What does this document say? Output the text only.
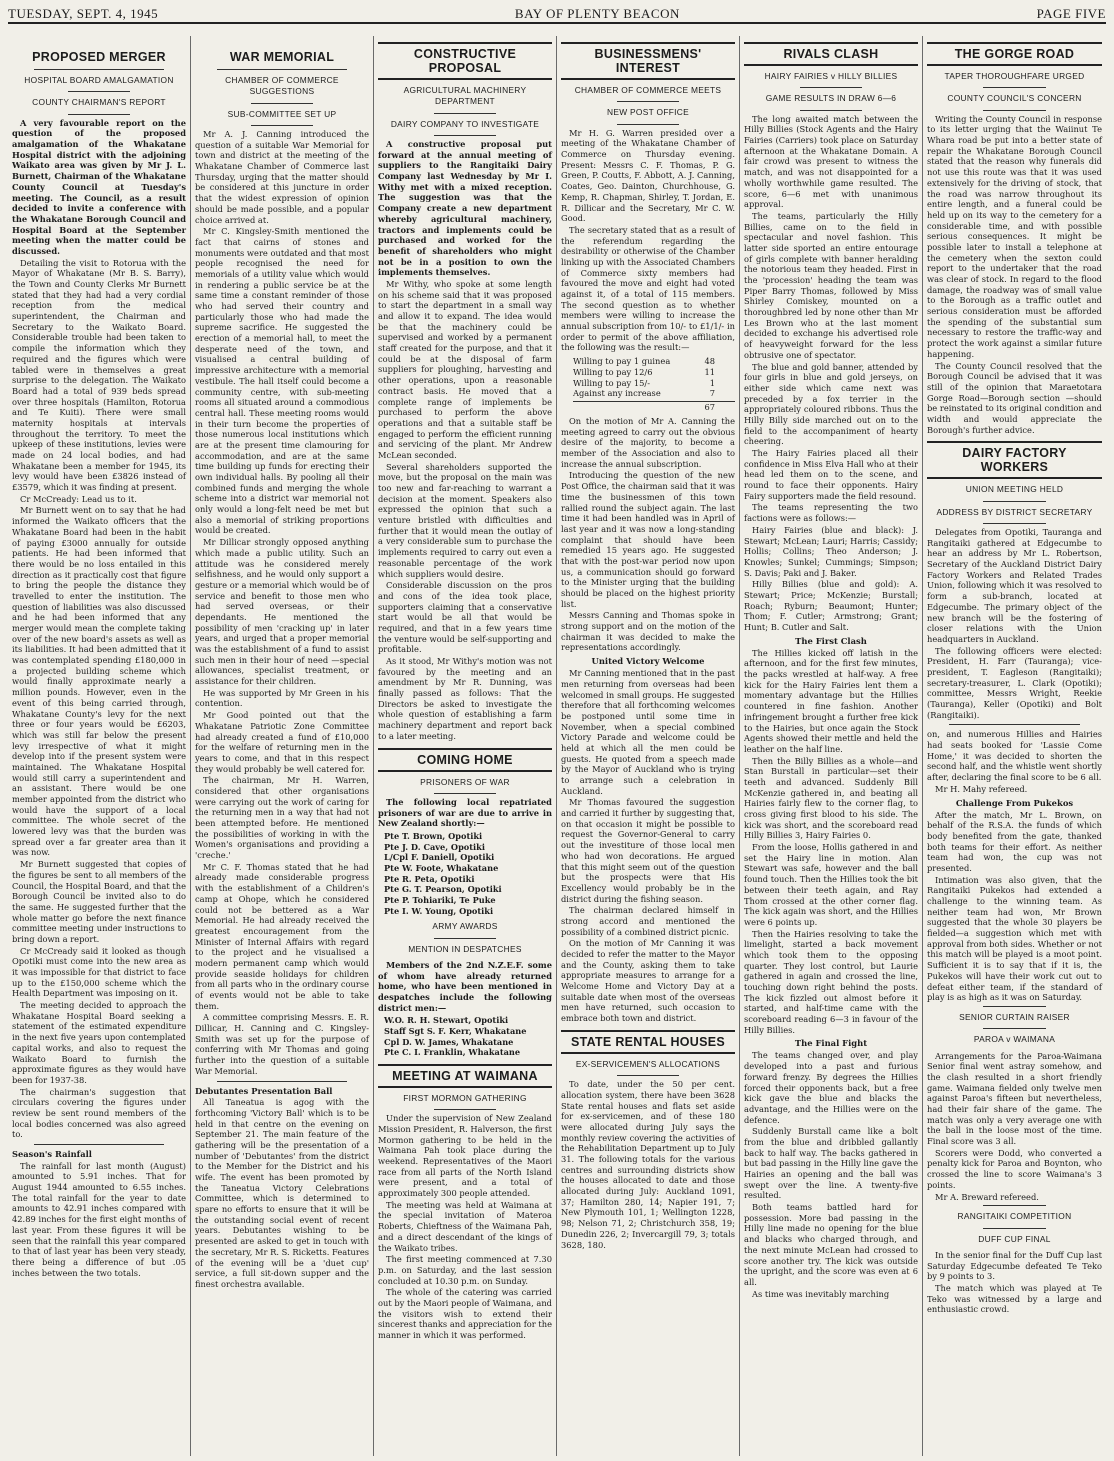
TUESDAY, SEPT. 4, 1945	BAY OF PLENTY BEACON	PAGE FIVE
PROPOSED MERGER
HOSPITAL BOARD AMALGAMATION
COUNTY CHAIRMAN'S REPORT

A very favourable report on the question of the proposed amalgamation of the Whakatane Hospital district with the adjoining Waikato area was given by Mr J. L. Burnett, Chairman of the Whakatane County Council at Tuesday's meeting. The Council, as a result decided to invite a conference with the Whakatane Borough Council and Hospital Board at the September meeting when the matter could be discussed.

Detailing the visit to Rotorua with the Mayor of Whakatane (Mr B. S. Barry), the Town and County Clerks Mr Burnett stated that they had had a very cordial reception from the medical superintendent, the Chairman and Secretary to the Waikato Board. Considerable trouble had been taken to compile the information which they required and the figures which were tabled were in themselves a great surprise to the delegation. The Waikato Board had a total of 939 beds spread over three hospitals (Hamilton, Rotorua and Te Kuiti). There were small maternity hospitals at intervals throughout the territory. To meet the upkeep of these institutions, levies were made on 24 local bodies, and had Whakatane been a member for 1945, its levy would have been £3826 instead of £3579, which it was finding at present.

Cr McCready: Lead us to it.

Mr Burnett went on to say that he had informed the Waikato officers that the Whakatane Board had been in the habit of paying £3000 annually for outside patients. He had been informed that there would be no loss entailed in this direction as it practically cost that figure to bring the people the distance they travelled to enter the institution. The question of liabilities was also discussed and he had been informed that any merger would mean the complete taking over of the new board's assets as well as its liabilities. It had been admitted that it was contemplated spending £180,000 in a projected building scheme which would finally approximate nearly a million pounds. However, even in the event of this being carried through, Whakatane County's levy for the next three or four years would be £6203, which was still far below the present levy irrespective of what it might develop into if the present system were maintained. The Whakatane Hospital would still carry a superintendent and an assistant. There would be one member appointed from the district who would have the support of a local committee. The whole secret of the lowered levy was that the burden was spread over a far greater area than it was now.

Mr Burnett suggested that copies of the figures be sent to all members of the Council, the Hospital Board, and that the Borough Council be invited also to do the same. He suggested further that the whole matter go before the next finance committee meeting under instructions to bring down a report.

Cr McCready said it looked as though Opotiki must come into the new area as it was impossible for that district to face up to the £150,000 scheme which the Health Department was imposing on it.

The meeting decided to approach the Whakatane Hospital Board seeking a statement of the estimated expenditure in the next five years upon contemplated capital works, and also to request the Waikato Board to furnish the approximate figures as they would have been for 1937-38.

The chairman's suggestion that circulars covering the figures under review be sent round members of the local bodies concerned was also agreed to.

Season's Rainfall

The rainfall for last month (August) amounted to 5.91 inches. That for August 1944 amounted to 6.55 inches. The total rainfall for the year to date amounts to 42.91 inches compared with 42.89 inches for the first eight months of last year. From these figures it will be seen that the rainfall this year compared to that of last year has been very steady, there being a difference of but .05 inches between the two totals.

WAR MEMORIAL
CHAMBER OF COMMERCE SUGGESTIONS
SUB-COMMITTEE SET UP

Mr A. J. Canning introduced the question of a suitable War Memorial for town and district at the meeting of the Whakatane Chamber of Commerce last Thursday, urging that the matter should be considered at this juncture in order that the widest expression of opinion should be made possible, and a popular choice arrived at.

Mr C. Kingsley-Smith mentioned the fact that cairns of stones and monuments were outdated and that most people recognised the need for memorials of a utility value which would in rendering a public service be at the same time a constant reminder of those who had served their country and particularly those who had made the supreme sacrifice. He suggested the erection of a memorial hall, to meet the desperate need of the town, and visualised a central building of impressive architecture with a memorial vestibule. The hall itself could become a community centre, with sub-meeting rooms all situated around a commodious central hall. These meeting rooms would in their turn become the properties of those numerous local institutions which are at the present time clamouring for accommodation, and are at the same time building up funds for erecting their own individual halls. By pooling all their combined funds and merging the whole scheme into a district war memorial not only would a long-felt need be met but also a memorial of striking proportions would be created.

Mr Dillicar strongly opposed anything which made a public utility. Such an attitude was he considered merely selfishness, and he would only support a gesture or a memorial which would be of service and benefit to those men who had served overseas, or their dependants. He mentioned the possibility of men 'cracking up' in later years, and urged that a proper memorial was the establishment of a fund to assist such men in their hour of need —special allowances, specialist treatment, or assistance for their children.

He was supported by Mr Green in his contention.

Mr Good pointed out that the Whakatane Patriotic Zone Committee had already created a fund of £10,000 for the welfare of returning men in the years to come, and that in this respect they would probably be well catered for.

The chairman, Mr H. Warren, considered that other organisations were carrying out the work of caring for the returning men in a way that had not been attempted before. He mentioned the possibilities of working in with the Women's organisations and providing a 'creche.'

Mr C. F. Thomas stated that he had already made considerable progress with the establishment of a Children's camp at Ohope, which he considered could not be bettered as a War Memorial. He had already received the greatest encouragement from the Minister of Internal Affairs with regard to the project and he visualised a modern permanent camp which would provide seaside holidays for children from all parts who in the ordinary course of events would not be able to take them.

A committee comprising Messrs. E. R. Dillicar, H. Canning and C. Kingsley-Smith was set up for the purpose of conferring with Mr Thomas and going further into the question of a suitable War Memorial.

Debutantes Presentation Ball

All Taneatua is agog with the forthcoming 'Victory Ball' which is to be held in that centre on the evening on September 21. The main feature of the gathering will be the presentation of a number of 'Debutantes' from the district to the Member for the District and his wife. The event has been promoted by the Taneatua Victory Celebrations Committee, which is determined to spare no efforts to ensure that it will be the outstanding social event of recent years. Debutantes wishing to be presented are asked to get in touch with the secretary, Mr R. S. Ricketts. Features of the evening will be a 'duet cup' service, a full sit-down supper and the finest orchestra available.

CONSTRUCTIVE PROPOSAL
AGRICULTURAL MACHINERY DEPARTMENT
DAIRY COMPANY TO INVESTIGATE

A constructive proposal put forward at the annual meeting of suppliers to the Rangitaiki Dairy Company last Wednesday by Mr I. Withy met with a mixed reception. The suggestion was that the Company create a new department whereby agricultural machinery, tractors and implements could be purchased and worked for the benefit of shareholders who might not be in a position to own the implements themselves.

Mr Withy, who spoke at some length on his scheme said that it was proposed to start the department in a small way and allow it to expand. The idea would be that the machinery could be supervised and worked by a permanent staff created for the purpose, and that it could be at the disposal of farm suppliers for ploughing, harvesting and other operations, upon a reasonable contract basis. He moved that a complete range of implements be purchased to perform the above operations and that a suitable staff be engaged to perform the efficient running and servicing of the plant. Mr Andrew McLean seconded.

Several shareholders supported the move, but the proposal on the main was too new and far-reaching to warrant a decision at the moment. Speakers also expressed the opinion that such a venture bristled with difficulties and further that it would mean the outlay of a very considerable sum to purchase the implements required to carry out even a reasonable percentage of the work which suppliers would desire.

Considerable discussion on the pros and cons of the idea took place, supporters claiming that a conservative start would be all that would be required, and that in a few years time the venture would be self-supporting and profitable.

As it stood, Mr Withy's motion was not favoured by the meeting and an amendment by Mr R. Dunning, was finally passed as follows: That the Directors be asked to investigate the whole question of establishing a farm machinery department and report back to a later meeting.

COMING HOME
PRISONERS OF WAR

The following local repatriated prisoners of war are due to arrive in New Zealand shortly:—

Pte T. Brown, Opotiki
Pte J. D. Cave, Opotiki
L/Cpl F. Daniell, Opotiki
Pte W. Foote, Whakatane
Pte R. Peta, Opotiki
Pte G. T. Pearson, Opotiki
Pte P. Tohiariki, Te Puke
Pte I. W. Young, Opotiki
ARMY AWARDS
MENTION IN DESPATCHES

Members of the 2nd N.Z.E.F. some of whom have already returned home, who have been mentioned in despatches include the following district men:—

W.O. R. H. Stewart, Opotiki
Staff Sgt S. F. Kerr, Whakatane
Cpl D. W. James, Whakatane
Pte C. I. Franklin, Whakatane
MEETING AT WAIMANA
FIRST MORMON GATHERING

Under the supervision of New Zealand Mission President, R. Halverson, the first Mormon gathering to be held in the Waimana Pah took place during the weekend. Representatives of the Maori race from all parts of the North Island were present, and a total of approximately 300 people attended.

The meeting was held at Waimana at the special invitation of Materoa Roberts, Chieftness of the Waimana Pah, and a direct descendant of the kings of the Waikato tribes.

The first meeting commenced at 7.30 p.m. on Saturday, and the last session concluded at 10.30 p.m. on Sunday.

The whole of the catering was carried out by the Maori people of Waimana, and the visitors wish to extend their sincerest thanks and appreciation for the manner in which it was performed.

BUSINESSMENS' INTEREST
CHAMBER OF COMMERCE MEETS
NEW POST OFFICE

Mr H. G. Warren presided over a meeting of the Whakatane Chamber of Commerce on Thursday evening. Present: Messrs C. F. Thomas, P. G. Green, P. Coutts, F. Abbott, A. J. Canning, Coates, Geo. Dainton, Churchhouse, G. Kemp, R. Chapman, Shirley, T. Jordan, E. R. Dillicar and the Secretary, Mr C. W. Good.

The secretary stated that as a result of the referendum regarding the desirability or otherwise of the Chamber linking up with the Associated Chambers of Commerce sixty members had favoured the move and eight had voted against it, of a total of 115 members. The second question as to whether members were willing to increase the annual subscription from 10/- to £1/1/- in order to permit of the above affiliation, the following was the result:—

Willing to pay 1 guinea	48
Willing to pay 12/6	11
Willing to pay 15/-	1
Against any increase	7
67

On the motion of Mr A. Canning the meeting agreed to carry out the obvious desire of the majority, to become a member of the Association and also to increase the annual subscription.

Introducing the question of the new Post Office, the chairman said that it was time the businessmen of this town rallied round the subject again. The last time it had been handled was in April of last year and it was now a long-standing complaint that should have been remedied 15 years ago. He suggested that with the post-war period now upon us, a communication should go forward to the Minister urging that the building should be placed on the highest priority list.

Messrs Canning and Thomas spoke in strong support and on the motion of the chairman it was decided to make the representations accordingly.

United Victory Welcome

Mr Canning mentioned that in the past men returning from overseas had been welcomed in small groups. He suggested therefore that all forthcoming welcomes be postponed until some time in November, when a special combined Victory Parade and welcome could be held at which all the men could be guests. He quoted from a speech made by the Mayor of Auckland who is trying to arrange such a celebration in Auckland.

Mr Thomas favoured the suggestion and carried it further by suggesting that, on that occasion it might be possible to request the Governor-General to carry out the investiture of those local men who had won decorations. He argued that this might seem out of the question but the prospects were that His Excellency would probably be in the district during the fishing season.

The chairman declared himself in strong accord and mentioned the possibility of a combined district picnic.

On the motion of Mr Canning it was decided to refer the matter to the Mayor and the County, asking them to take appropriate measures to arrange for a Welcome Home and Victory Day at a suitable date when most of the overseas men have returned, such occasion to embrace both town and district.

STATE RENTAL HOUSES
EX-SERVICEMEN'S ALLOCATIONS

To date, under the 50 per cent. allocation system, there have been 3628 State rental houses and flats set aside for ex-servicemen, and of these 180 were allocated during July says the monthly review covering the activities of the Rehabilitation Department up to July 31. The following totals for the various centres and surrounding districts show the houses allocated to date and those allocated during July: Auckland 1091, 37; Hamilton 280, 14; Napier 191, 7; New Plymouth 101, 1; Wellington 1228, 98; Nelson 71, 2; Christchurch 358, 19; Dunedin 226, 2; Invercargill 79, 3; totals 3628, 180.

RIVALS CLASH
HAIRY FAIRIES v HILLY BILLIES
GAME RESULTS IN DRAW 6—6

The long awaited match between the Hilly Billies (Stock Agents and the Hairy Fairies (Carriers) took place on Saturday afternoon at the Whakatane Domain. A fair crowd was present to witness the match, and was not disappointed for a wholly worthwhile game resulted. The score, 6—6 met with unanimous approval.

The teams, particularly the Hilly Billies, came on to the field in spectacular and novel fashion. This latter side sported an entire entourage of girls complete with banner heralding the notorious team they headed. First in the 'procession' heading the team was Piper Barry Thomas, followed by Miss Shirley Comiskey, mounted on a thoroughbred led by none other than Mr Les Brown who at the last moment decided to exchange his advertised role of heavyweight forward for the less obtrusive one of spectator.

The blue and gold banner, attended by four girls in blue and gold jerseys, on either side which came next was preceded by a fox terrier in the appropriately coloured ribbons. Thus the Hilly Billy side marched out on to the field to the accompaniment of hearty cheering.

The Hairy Fairies placed all their confidence in Miss Elva Hall who at their head led them on to the scene, and round to face their opponents. Hairy Fairy supporters made the field resound.

The teams representing the two factions were as follows:—

Hairy Fairies (blue and black): J. Stewart; McLean; Lauri; Harris; Cassidy; Hollis; Collins; Theo Anderson; J. Knowles; Sunkel; Cummings; Simpson; S. Davis; Paki and J. Baker.

Hilly Billies (blue and gold): A. Stewart; Price; McKenzie; Burstall; Roach; Ryburn; Beaumont; Hunter; Thom; F. Cutler; Armstrong; Grant; Hunt; B. Cutler and Salt.

The First Clash

The Hillies kicked off latish in the afternoon, and for the first few minutes, the packs wrestled at half-way. A free kick for the Hairy Fairies lent them a momentary advantage but the Hillies countered in fine fashion. Another infringement brought a further free kick to the Hairies, but once again the Stock Agents showed their mettle and held the leather on the half line.

Then the Billy Billies as a whole—and Stan Burstall in particular—set their teeth and advanced. Suddenly Bill McKenzie gathered in, and beating all Hairies fairly flew to the corner flag, to cross giving first blood to his side. The kick was short, and the scoreboard read Hilly Billies 3, Hairy Fairies 0.

From the loose, Hollis gathered in and set the Hairy line in motion. Alan Stewart was safe, however and the ball found touch. Then the Hillies took the bit between their teeth again, and Ray Thom crossed at the other corner flag. The kick again was short, and the Hillies were 6 points up.

Then the Hairies resolving to take the limelight, started a back movement which took them to the opposing quarter. They lost control, but Laurie gathered in again and crossed the line, touching down right behind the posts. The kick fizzled out almost before it started, and half-time came with the scoreboard reading 6—3 in favour of the Hilly Billies.

The Final Fight

The teams changed over, and play developed into a past and furious forward frenzy. By degrees the Hillies forced their opponents back, but a free kick gave the blue and blacks the advantage, and the Hillies were on the defence.

Suddenly Burstall came like a bolt from the blue and dribbled gallantly back to half way. The backs gathered in but bad passing in the Hilly line gave the Hairies an opening and the ball was swept over the line. A twenty-five resulted.

Both teams battled hard for possession. More bad passing in the Hilly line made no opening for the blue and blacks who charged through, and the next minute McLean had crossed to score another try. The kick was outside the upright, and the score was even at 6 all.

As time was inevitably marching

THE GORGE ROAD
TAPER THOROUGHFARE URGED
COUNTY COUNCIL'S CONCERN

Writing the County Council in response to its letter urging that the Waiinut Te Whara road be put into a better state of repair the Whakatane Borough Council stated that the reason why funerals did not use this route was that it was used extensively for the driving of stock, that the road was narrow throughout its entire length, and a funeral could be held up on its way to the cemetery for a considerable time, and with possible serious consequences. It might be possible later to install a telephone at the cemetery when the sexton could report to the undertaker that the road was clear of stock. In regard to the flood damage, the roadway was of small value to the Borough as a traffic outlet and serious consideration must be afforded the spending of the substantial sum necessary to restore the traffic-way and protect the work against a similar future happening.

The County Council resolved that the Borough Council be advised that it was still of the opinion that Maraetotara Gorge Road—Borough section —should be reinstated to its original condition and width and would appreciate the Borough's further advice.

DAIRY FACTORY WORKERS
UNION MEETING HELD
ADDRESS BY DISTRICT SECRETARY

Delegates from Opotiki, Tauranga and Rangitaiki gathered at Edgecumbe to hear an address by Mr L. Robertson, Secretary of the Auckland District Dairy Factory Workers and Related Trades Union, following which it was resolved to form a sub-branch, located at Edgecumbe. The primary object of the new branch will be the fostering of closer relations with the Union headquarters in Auckland.

The following officers were elected: President, H. Farr (Tauranga); vice-president, T. Eagleson (Rangitaiki); secretary-treasurer, L. Clark (Opotiki); committee, Messrs Wright, Reekie (Tauranga), Keller (Opotiki) and Bolt (Rangitaiki).

on, and numerous Hillies and Hairies had seats booked for 'Lassie Come Home,' it was decided to shorten the second half, and the whistle went shortly after, declaring the final score to be 6 all.

Mr H. Mahy refereed.

Challenge From Pukekos

After the match, Mr L. Brown, on behalf of the R.S.A. the funds of which body benefited from the gate, thanked both teams for their effort. As neither team had won, the cup was not presented.

Intimation was also given, that the Rangitaiki Pukekos had extended a challenge to the winning team. As neither team had won, Mr Brown suggested that the whole 30 players be fielded—a suggestion which met with approval from both sides. Whether or not this match will be played is a moot point. Sufficient it is to say that if it is, the Pukekos will have their work cut out to defeat either team, if the standard of play is as high as it was on Saturday.

SENIOR CURTAIN RAISER
PAROA v WAIMANA

Arrangements for the Paroa-Waimana Senior final went astray somehow, and the clash resulted in a short friendly game. Waimana fielded only twelve men against Paroa's fifteen but nevertheless, had their fair share of the game. The match was only a very average one with the ball in the loose most of the time. Final score was 3 all.

Scorers were Dodd, who converted a penalty kick for Paroa and Boynton, who crossed the line to score Waimana's 3 points.

Mr A. Breward refereed.

RANGITAIKI COMPETITION
DUFF CUP FINAL

In the senior final for the Duff Cup last Saturday Edgecumbe defeated Te Teko by 9 points to 3.

The match which was played at Te Teko was witnessed by a large and enthusiastic crowd.
